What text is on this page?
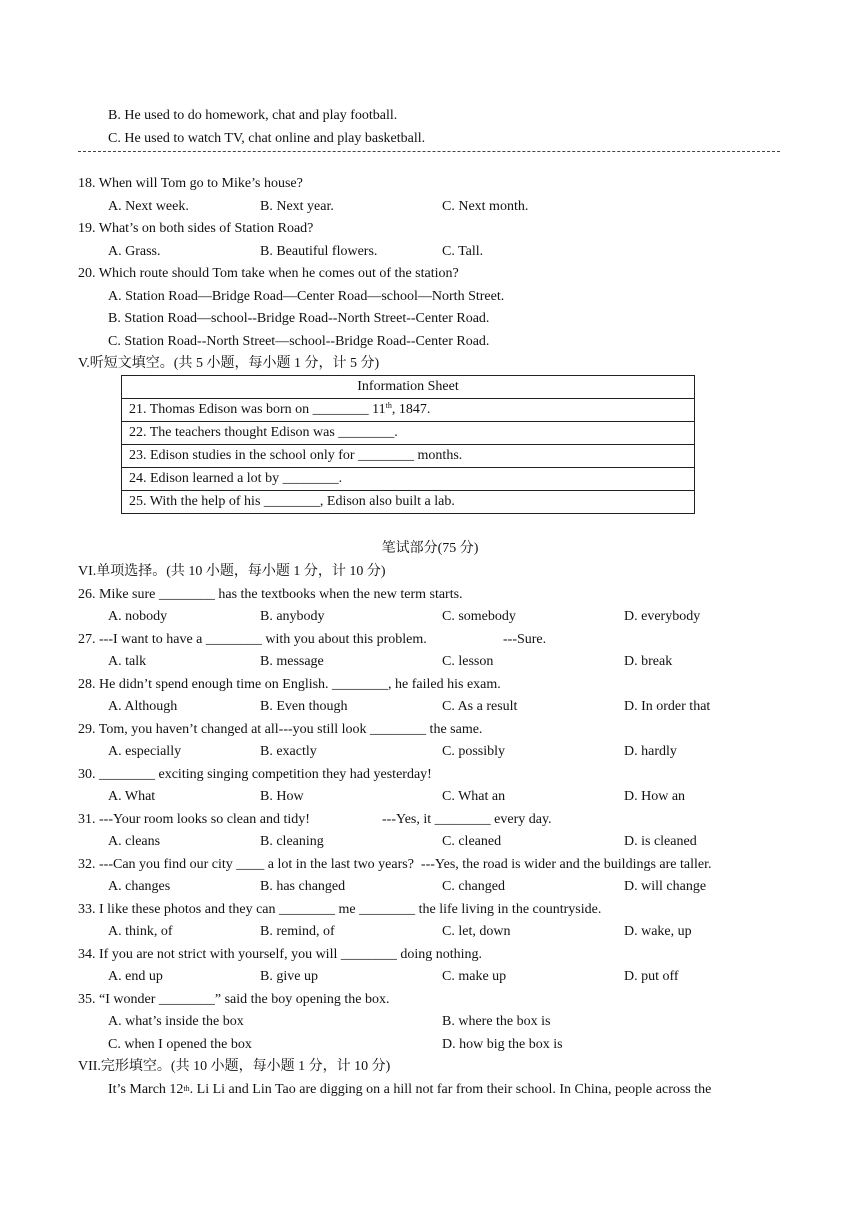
B. He used to do homework, chat and play football.
C. He used to watch TV, chat online and play basketball.
18. When will Tom go to Mike’s house?
A. Next week.	B. Next year.	C. Next month.
19. What’s on both sides of Station Road?
A. Grass.	B. Beautiful flowers.	C. Tall.
20. Which route should Tom take when he comes out of the station?
A. Station Road—Bridge Road—Center Road—school—North Street.
B. Station Road—school--Bridge Road--North Street--Center Road.
C. Station Road--North Street—school--Bridge Road--Center Road.
V.听短文填空。(共 5 小题，每小题 1 分，计 5 分)
Information Sheet
21. Thomas Edison was born on ________ 11th, 1847.
22. The teachers thought Edison was ________.
23. Edison studies in the school only for ________ months.
24. Edison learned a lot by ________.
25. With the help of his ________, Edison also built a lab.
笔试部分(75 分)
VI.单项选择。(共 10 小题，每小题 1 分，计 10 分)
26. Mike sure ________ has the textbooks when the new term starts.
A. nobody	B. anybody	C. somebody	D. everybody
27. ---I want to have a ________ with you about this problem.	---Sure.
A. talk	B. message	C. lesson	D. break
28. He didn’t spend enough time on English. ________, he failed his exam.
A. Although	B. Even though	C. As a result	D. In order that
29. Tom, you haven’t changed at all---you still look ________ the same.
A. especially	B. exactly	C. possibly	D. hardly
30. ________ exciting singing competition they had yesterday!
A. What	B. How	C. What an	D. How an
31. ---Your room looks so clean and tidy!	---Yes, it ________ every day.
A. cleans	B. cleaning	C. cleaned	D. is cleaned
32. ---Can you find our city ____ a lot in the last two years?  ---Yes, the road is wider and the buildings are taller.
A. changes	B. has changed	C. changed	D. will change
33. I like these photos and they can ________ me ________ the life living in the countryside.
A. think, of	B. remind, of	C. let, down	D. wake, up
34. If you are not strict with yourself, you will ________ doing nothing.
A. end up	B. give up	C. make up	D. put off
35. “I wonder ________” said the boy opening the box.
A. what’s inside the box	B. where the box is
C. when I opened the box	D. how big the box is
VII.完形填空。(共 10 小题，每小题 1 分，计 10 分)
It’s March 12th. Li Li and Lin Tao are digging on a hill not far from their school. In China, people across the
